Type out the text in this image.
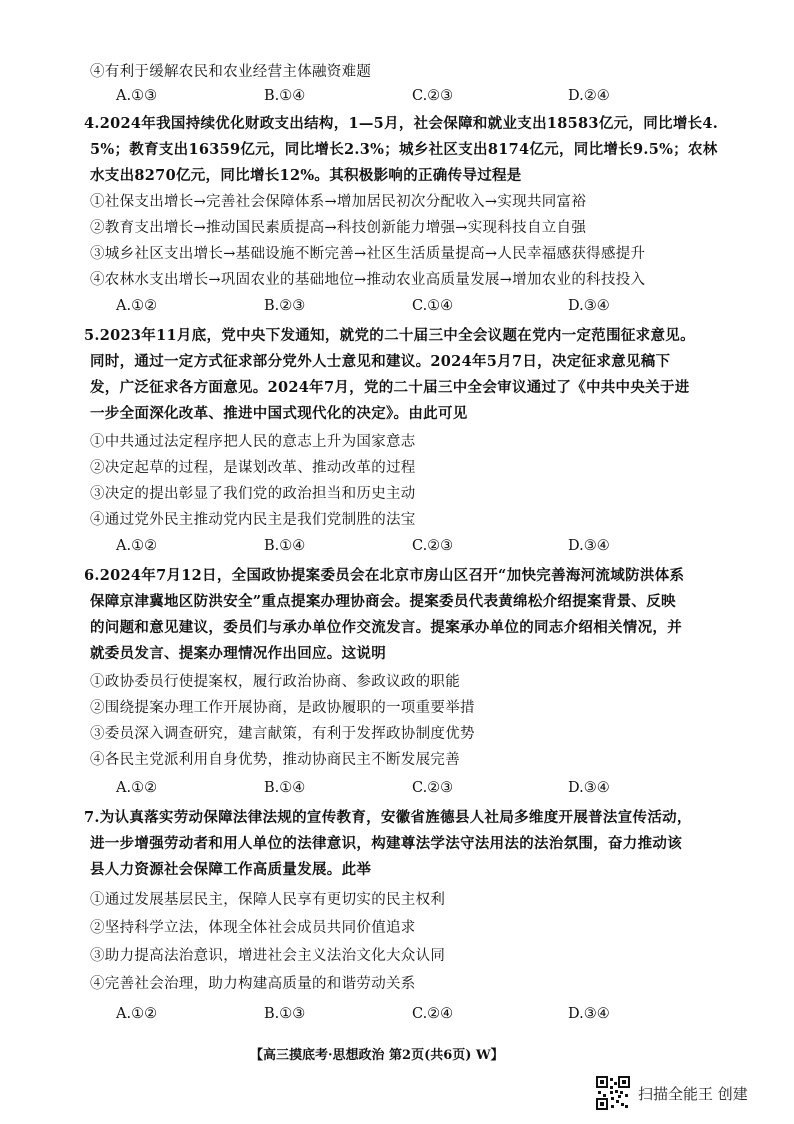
④有利于缓解农民和农业经营主体融资难题
A.①③	B.①④	C.②③	D.②④
4.2024年我国持续优化财政支出结构，1—5月，社会保障和就业支出18583亿元，同比增长4.
5%；教育支出16359亿元，同比增长2.3%；城乡社区支出8174亿元，同比增长9.5%；农林
水支出8270亿元，同比增长12%。其积极影响的正确传导过程是
①社保支出增长→完善社会保障体系→增加居民初次分配收入→实现共同富裕
②教育支出增长→推动国民素质提高→科技创新能力增强→实现科技自立自强
③城乡社区支出增长→基础设施不断完善→社区生活质量提高→人民幸福感获得感提升
④农林水支出增长→巩固农业的基础地位→推动农业高质量发展→增加农业的科技投入
A.①②	B.②③	C.①④	D.③④
5.2023年11月底，党中央下发通知，就党的二十届三中全会议题在党内一定范围征求意见。
同时，通过一定方式征求部分党外人士意见和建议。2024年5月7日，决定征求意见稿下
发，广泛征求各方面意见。2024年7月，党的二十届三中全会审议通过了《中共中央关于进
一步全面深化改革、推进中国式现代化的决定》。由此可见
①中共通过法定程序把人民的意志上升为国家意志
②决定起草的过程，是谋划改革、推动改革的过程
③决定的提出彰显了我们党的政治担当和历史主动
④通过党外民主推动党内民主是我们党制胜的法宝
A.①②	B.①④	C.②③	D.③④
6.2024年7月12日，全国政协提案委员会在北京市房山区召开“加快完善海河流域防洪体系
保障京津冀地区防洪安全”重点提案办理协商会。提案委员代表黄绵松介绍提案背景、反映
的问题和意见建议，委员们与承办单位作交流发言。提案承办单位的同志介绍相关情况，并
就委员发言、提案办理情况作出回应。这说明
①政协委员行使提案权，履行政治协商、参政议政的职能
②围绕提案办理工作开展协商，是政协履职的一项重要举措
③委员深入调查研究，建言献策，有利于发挥政协制度优势
④各民主党派利用自身优势，推动协商民主不断发展完善
A.①②	B.①④	C.②③	D.③④
7.为认真落实劳动保障法律法规的宣传教育，安徽省旌德县人社局多维度开展普法宣传活动，
进一步增强劳动者和用人单位的法律意识，构建尊法学法守法用法的法治氛围，奋力推动该
县人力资源社会保障工作高质量发展。此举
①通过发展基层民主，保障人民享有更切实的民主权利
②坚持科学立法，体现全体社会成员共同价值追求
③助力提高法治意识，增进社会主义法治文化大众认同
④完善社会治理，助力构建高质量的和谐劳动关系
A.①②	B.①③	C.②④	D.③④
【高三摸底考·思想政治 第2页(共6页) W】
扫描全能王 创建
